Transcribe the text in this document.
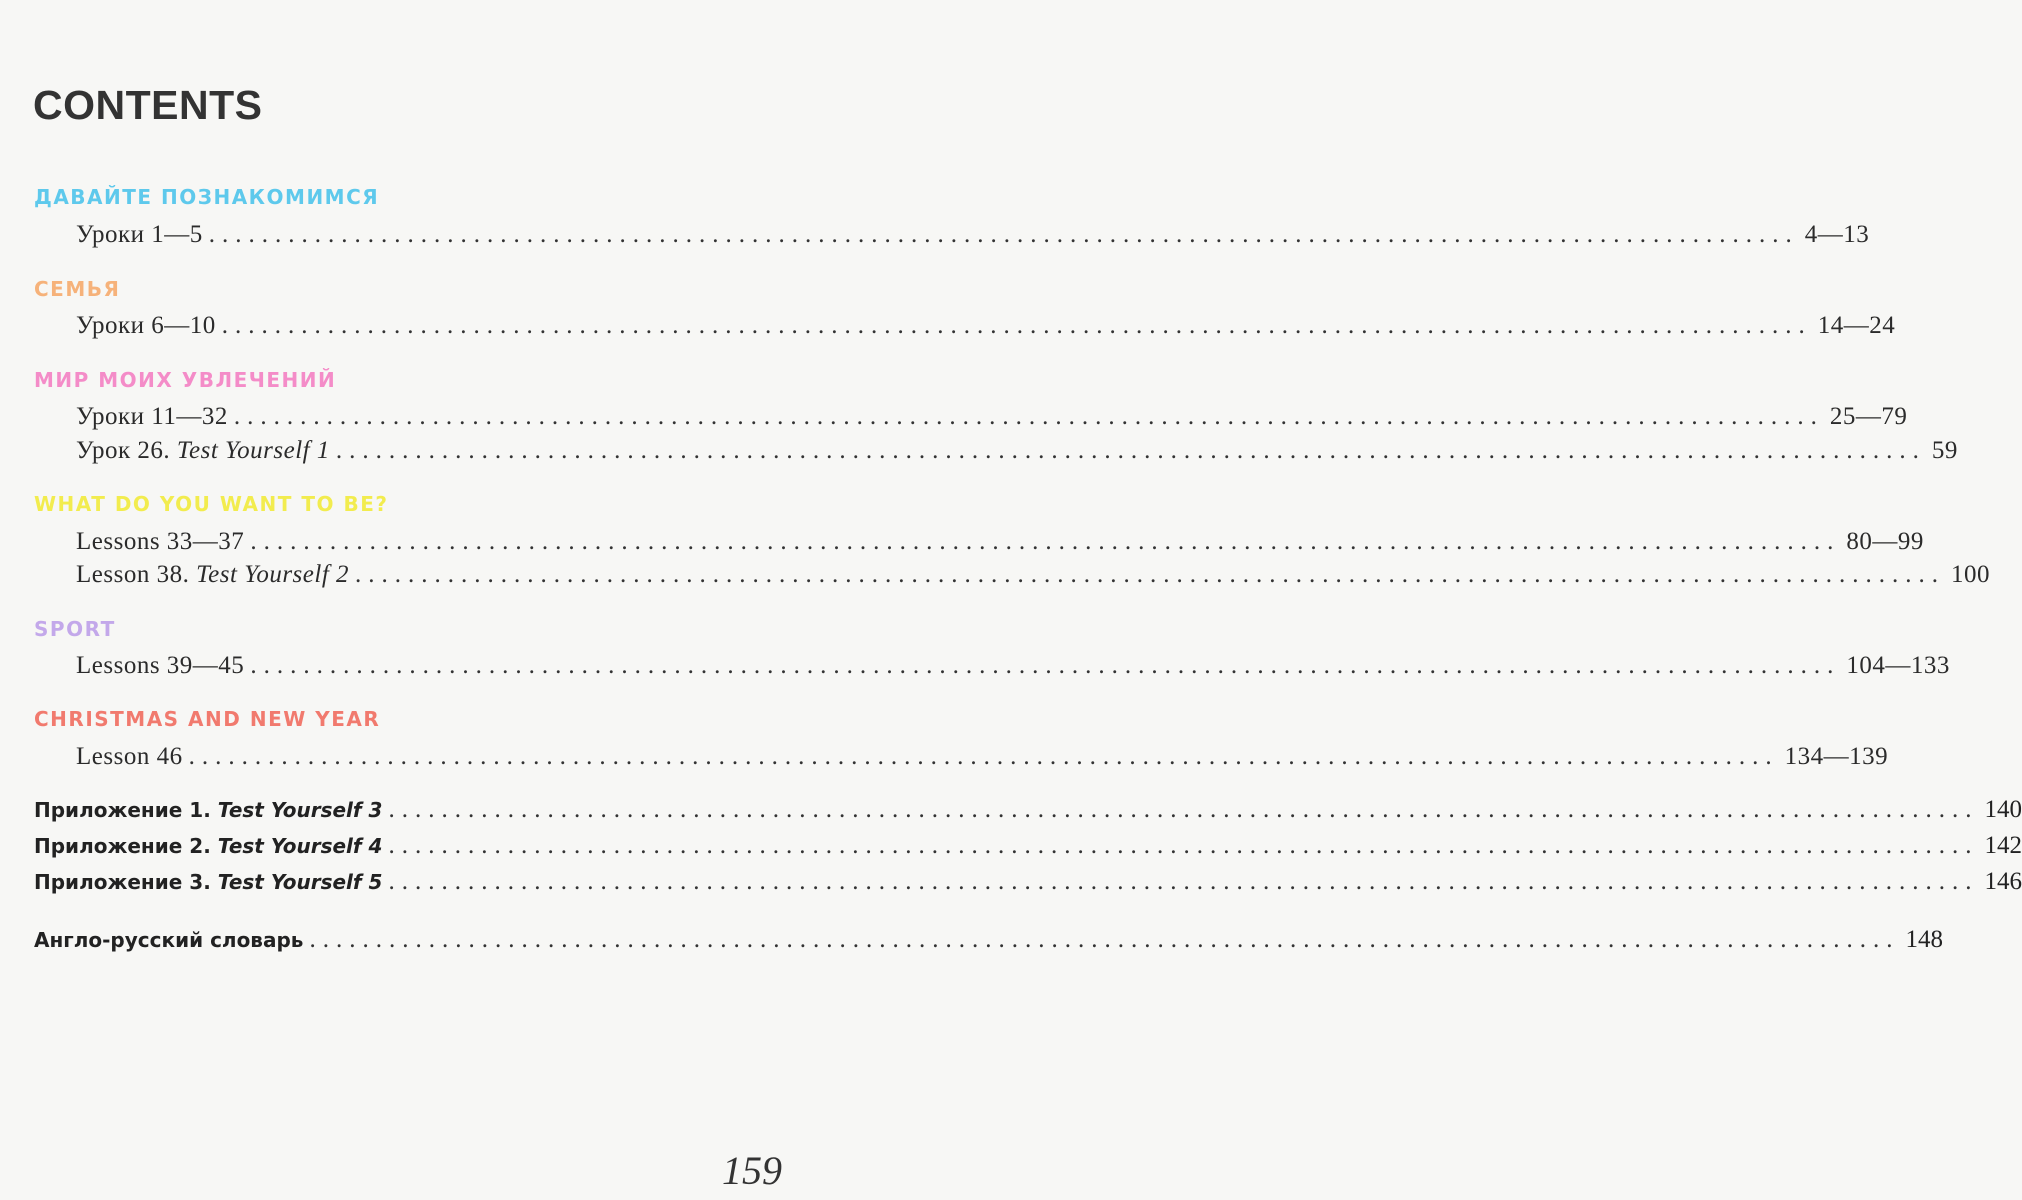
CONTENTS
ДАВАЙТЕ ПОЗНАКОМИМСЯ
Уроки 1—5 ........................................................................................................................ 4—13
СЕМЬЯ
Уроки 6—10 ........................................................................................................................ 14—24
МИР МОИХ УВЛЕЧЕНИЙ
Уроки 11—32 ........................................................................................................................ 25—79
Урок 26. Test Yourself 1 ........................................................................................................................ 59
WHAT DO YOU WANT TO BE?
Lessons 33—37 ........................................................................................................................ 80—99
Lesson 38. Test Yourself 2 ........................................................................................................................ 100
SPORT
Lessons 39—45 ........................................................................................................................ 104—133
CHRISTMAS AND NEW YEAR
Lesson 46 ........................................................................................................................ 134—139
Приложение 1. Test Yourself 3 ........................................................................................................................ 140
Приложение 2. Test Yourself 4 ........................................................................................................................ 142
Приложение 3. Test Yourself 5 ........................................................................................................................ 146
Англо-русский словарь ........................................................................................................................ 148
159
